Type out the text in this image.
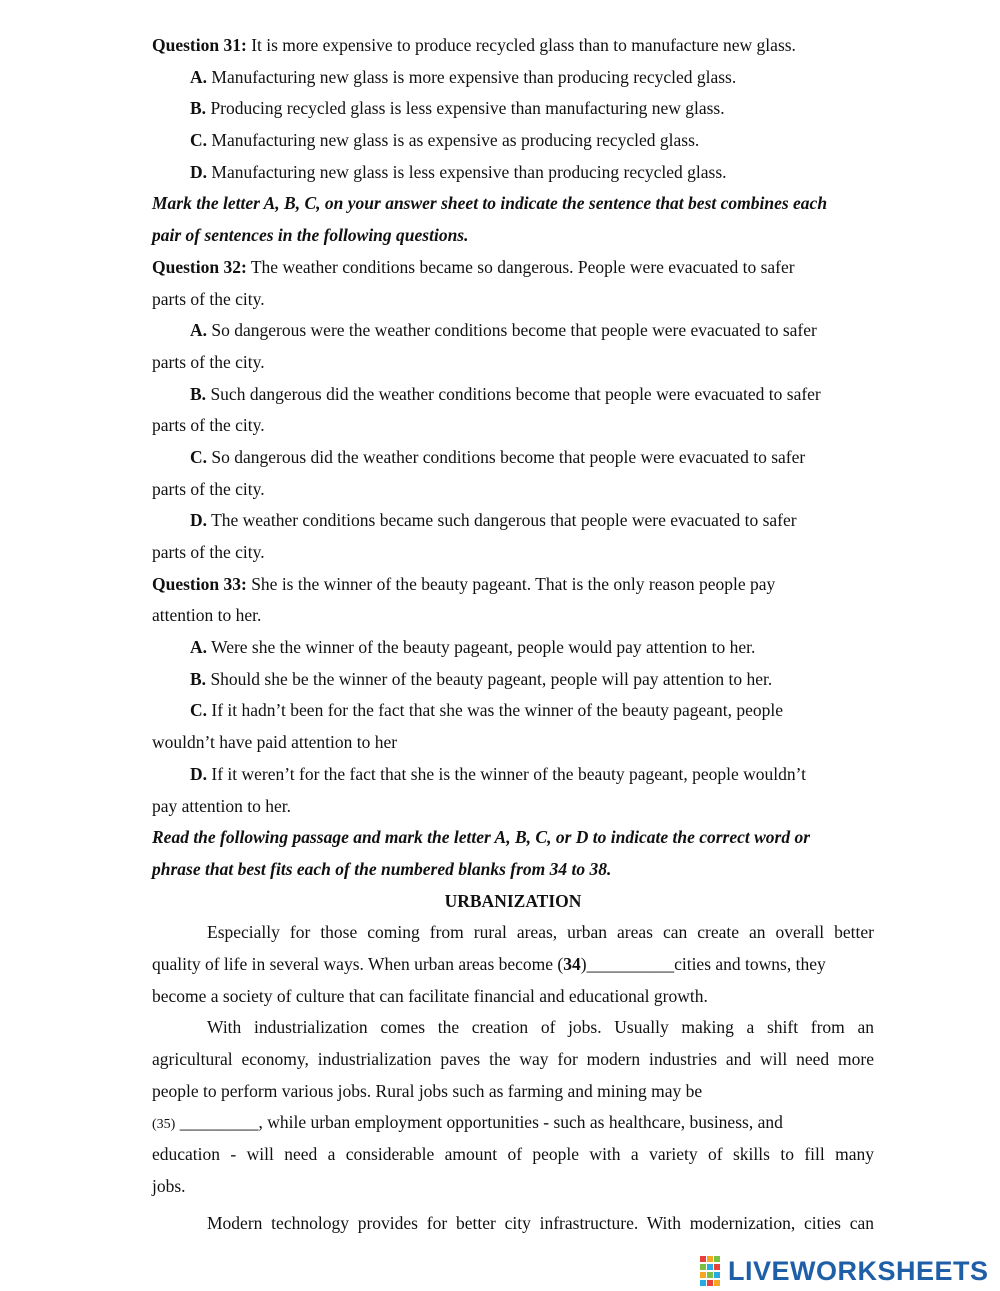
Question 31: It is more expensive to produce recycled glass than to manufacture new glass.
A. Manufacturing new glass is more expensive than producing recycled glass.
B. Producing recycled glass is less expensive than manufacturing new glass.
C. Manufacturing new glass is as expensive as producing recycled glass.
D. Manufacturing new glass is less expensive than producing recycled glass.
Mark the letter A, B, C, on your answer sheet to indicate the sentence that best combines each
pair of sentences in the following questions.
Question 32: The weather conditions became so dangerous. People were evacuated to safer
parts of the city.
A. So dangerous were the weather conditions become that people were evacuated to safer
parts of the city.
B. Such dangerous did the weather conditions become that people were evacuated to safer
parts of the city.
C. So dangerous did the weather conditions become that people were evacuated to safer
parts of the city.
D. The weather conditions became such dangerous that people were evacuated to safer
parts of the city.
Question 33: She is the winner of the beauty pageant. That is the only reason people pay
attention to her.
A. Were she the winner of the beauty pageant, people would pay attention to her.
B. Should she be the winner of the beauty pageant, people will pay attention to her.
C. If it hadn’t been for the fact that she was the winner of the beauty pageant, people
wouldn’t have paid attention to her
D. If it weren’t for the fact that she is the winner of the beauty pageant, people wouldn’t
pay attention to her.
Read the following passage and mark the letter A, B, C, or D to indicate the correct word or
phrase that best fits each of the numbered blanks from 34 to 38.
URBANIZATION
Especially for those coming from rural areas, urban areas can create an overall better
quality of life in several ways. When urban areas become (34)__________cities and towns, they
become a society of culture that can facilitate financial and educational growth.
With industrialization comes the creation of jobs. Usually making a shift from an
agricultural economy, industrialization paves the way for modern industries and will need more
people to perform various jobs. Rural jobs such as farming and mining may be
(35) _________, while urban employment opportunities - such as healthcare, business, and
education - will need a considerable amount of people with a variety of skills to fill many
jobs.
Modern technology provides for better city infrastructure. With modernization, cities can
LIVEWORKSHEETS
